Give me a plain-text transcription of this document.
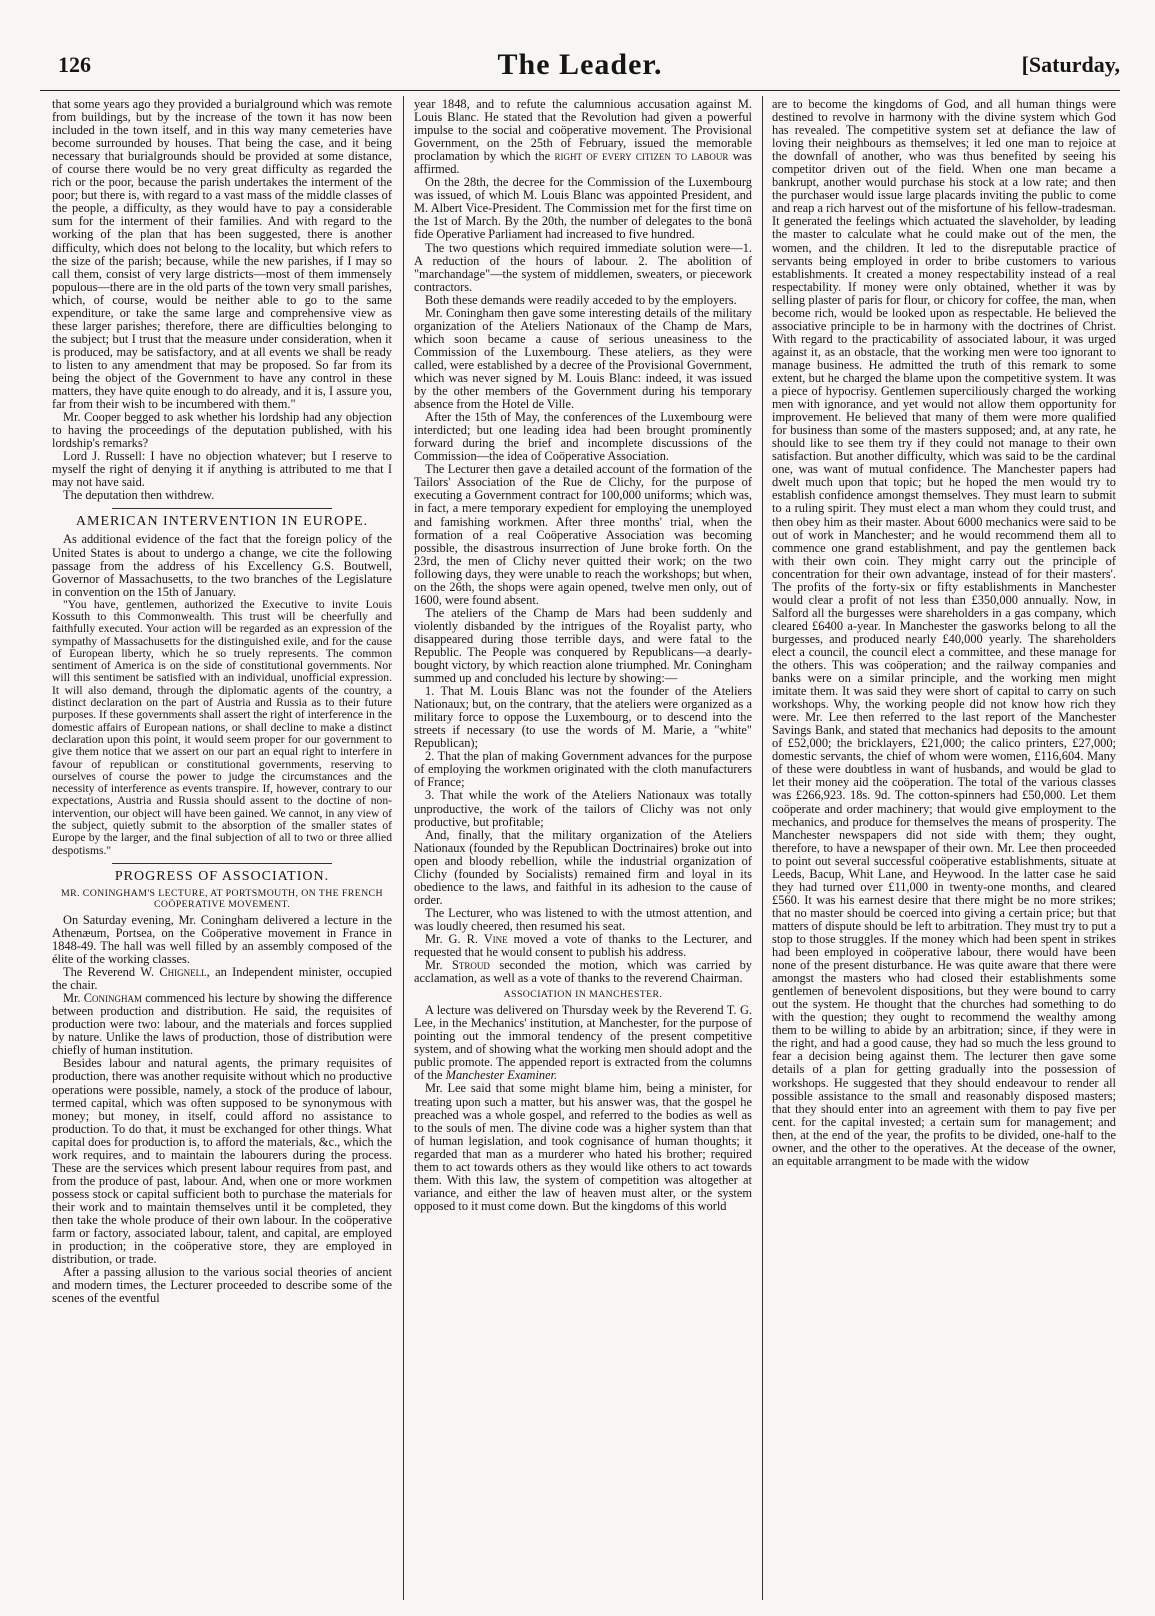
126	The Leader.	[Saturday,

that some years ago they provided a burialground which was remote from buildings, but by the increase of the town it has now been included in the town itself, and in this way many cemeteries have become surrounded by houses. That being the case, and it being necessary that burialgrounds should be provided at some distance, of course there would be no very great difficulty as regarded the rich or the poor, because the parish undertakes the interment of the poor; but there is, with regard to a vast mass of the middle classes of the people, a difficulty, as they would have to pay a considerable sum for the interment of their families. And with regard to the working of the plan that has been suggested, there is another difficulty, which does not belong to the locality, but which refers to the size of the parish; because, while the new parishes, if I may so call them, consist of very large districts—most of them immensely populous—there are in the old parts of the town very small parishes, which, of course, would be neither able to go to the same expenditure, or take the same large and comprehensive view as these larger parishes; therefore, there are difficulties belonging to the subject; but I trust that the measure under consideration, when it is produced, may be satisfactory, and at all events we shall be ready to listen to any amendment that may be proposed. So far from its being the object of the Government to have any control in these matters, they have quite enough to do already, and it is, I assure you, far from their wish to be incumbered with them."

Mr. Cooper begged to ask whether his lordship had any objection to having the proceedings of the deputation published, with his lordship's remarks?

Lord J. Russell: I have no objection whatever; but I reserve to myself the right of denying it if anything is attributed to me that I may not have said.

The deputation then withdrew.

AMERICAN INTERVENTION IN EUROPE.

As additional evidence of the fact that the foreign policy of the United States is about to undergo a change, we cite the following passage from the address of his Excellency G.S. Boutwell, Governor of Massachusetts, to the two branches of the Legislature in convention on the 15th of January.

"You have, gentlemen, authorized the Executive to invite Louis Kossuth to this Commonwealth. This trust will be cheerfully and faithfully executed. Your action will be regarded as an expression of the sympathy of Massachusetts for the distinguished exile, and for the cause of European liberty, which he so truely represents. The common sentiment of America is on the side of constitutional governments. Nor will this sentiment be satisfied with an individual, unofficial expression. It will also demand, through the diplomatic agents of the country, a distinct declaration on the part of Austria and Russia as to their future purposes. If these governments shall assert the right of interference in the domestic affairs of European nations, or shall decline to make a distinct declaration upon this point, it would seem proper for our government to give them notice that we assert on our part an equal right to interfere in favour of republican or constitutional governments, reserving to ourselves of course the power to judge the circumstances and the necessity of interference as events transpire. If, however, contrary to our expectations, Austria and Russia should assent to the doctine of non-intervention, our object will have been gained. We cannot, in any view of the subject, quietly submit to the absorption of the smaller states of Europe by the larger, and the final subjection of all to two or three allied despotisms."

PROGRESS OF ASSOCIATION.
MR. CONINGHAM'S LECTURE, AT PORTSMOUTH, ON THE FRENCH COÖPERATIVE MOVEMENT.

On Saturday evening, Mr. Coningham delivered a lecture in the Athenæum, Portsea, on the Coöperative movement in France in 1848-49. The hall was well filled by an assembly composed of the élite of the working classes.

The Reverend W. Chignell, an Independent minister, occupied the chair.

Mr. Coningham commenced his lecture by showing the difference between production and distribution. He said, the requisites of production were two: labour, and the materials and forces supplied by nature. Unlike the laws of production, those of distribution were chiefly of human institution.

Besides labour and natural agents, the primary requisites of production, there was another requisite without which no productive operations were possible, namely, a stock of the produce of labour, termed capital, which was often supposed to be synonymous with money; but money, in itself, could afford no assistance to production. To do that, it must be exchanged for other things. What capital does for production is, to afford the materials, &c., which the work requires, and to maintain the labourers during the process. These are the services which present labour requires from past, and from the produce of past, labour. And, when one or more workmen possess stock or capital sufficient both to purchase the materials for their work and to maintain themselves until it be completed, they then take the whole produce of their own labour. In the coöperative farm or factory, associated labour, talent, and capital, are employed in production; in the coöperative store, they are employed in distribution, or trade.

After a passing allusion to the various social theories of ancient and modern times, the Lecturer proceeded to describe some of the scenes of the eventful

year 1848, and to refute the calumnious accusation against M. Louis Blanc. He stated that the Revolution had given a powerful impulse to the social and coöperative movement. The Provisional Government, on the 25th of February, issued the memorable proclamation by which the right of every citizen to labour was affirmed.

On the 28th, the decree for the Commission of the Luxembourg was issued, of which M. Louis Blanc was appointed President, and M. Albert Vice-President. The Commission met for the first time on the 1st of March. By the 20th, the number of delegates to the bonâ fide Operative Parliament had increased to five hundred.

The two questions which required immediate solution were—1. A reduction of the hours of labour. 2. The abolition of "marchandage"—the system of middlemen, sweaters, or piecework contractors.

Both these demands were readily acceded to by the employers.

Mr. Coningham then gave some interesting details of the military organization of the Ateliers Nationaux of the Champ de Mars, which soon became a cause of serious uneasiness to the Commission of the Luxembourg. These ateliers, as they were called, were established by a decree of the Provisional Government, which was never signed by M. Louis Blanc: indeed, it was issued by the other members of the Government during his temporary absence from the Hotel de Ville.

After the 15th of May, the conferences of the Luxembourg were interdicted; but one leading idea had been brought prominently forward during the brief and incomplete discussions of the Commission—the idea of Coöperative Association.

The Lecturer then gave a detailed account of the formation of the Tailors' Association of the Rue de Clichy, for the purpose of executing a Government contract for 100,000 uniforms; which was, in fact, a mere temporary expedient for employing the unemployed and famishing workmen. After three months' trial, when the formation of a real Coöperative Association was becoming possible, the disastrous insurrection of June broke forth. On the 23rd, the men of Clichy never quitted their work; on the two following days, they were unable to reach the workshops; but when, on the 26th, the shops were again opened, twelve men only, out of 1600, were found absent.

The ateliers of the Champ de Mars had been suddenly and violently disbanded by the intrigues of the Royalist party, who disappeared during those terrible days, and were fatal to the Republic. The People was conquered by Republicans—a dearly-bought victory, by which reaction alone triumphed. Mr. Coningham summed up and concluded his lecture by showing:—

1. That M. Louis Blanc was not the founder of the Ateliers Nationaux; but, on the contrary, that the ateliers were organized as a military force to oppose the Luxembourg, or to descend into the streets if necessary (to use the words of M. Marie, a "white" Republican);

2. That the plan of making Government advances for the purpose of employing the workmen originated with the cloth manufacturers of France;

3. That while the work of the Ateliers Nationaux was totally unproductive, the work of the tailors of Clichy was not only productive, but profitable;

And, finally, that the military organization of the Ateliers Nationaux (founded by the Republican Doctrinaires) broke out into open and bloody rebellion, while the industrial organization of Clichy (founded by Socialists) remained firm and loyal in its obedience to the laws, and faithful in its adhesion to the cause of order.

The Lecturer, who was listened to with the utmost attention, and was loudly cheered, then resumed his seat.

Mr. G. R. Vine moved a vote of thanks to the Lecturer, and requested that he would consent to publish his address.

Mr. Stroud seconded the motion, which was carried by acclamation, as well as a vote of thanks to the reverend Chairman.

ASSOCIATION IN MANCHESTER.

A lecture was delivered on Thursday week by the Reverend T. G. Lee, in the Mechanics' institution, at Manchester, for the purpose of pointing out the immoral tendency of the present competitive system, and of showing what the working men should adopt and the public promote. The appended report is extracted from the columns of the Manchester Examiner.

Mr. Lee said that some might blame him, being a minister, for treating upon such a matter, but his answer was, that the gospel he preached was a whole gospel, and referred to the bodies as well as to the souls of men. The divine code was a higher system than that of human legislation, and took cognisance of human thoughts; it regarded that man as a murderer who hated his brother; required them to act towards others as they would like others to act towards them. With this law, the system of competition was altogether at variance, and either the law of heaven must alter, or the system opposed to it must come down. But the kingdoms of this world

are to become the kingdoms of God, and all human things were destined to revolve in harmony with the divine system which God has revealed. The competitive system set at defiance the law of loving their neighbours as themselves; it led one man to rejoice at the downfall of another, who was thus benefited by seeing his competitor driven out of the field. When one man became a bankrupt, another would purchase his stock at a low rate; and then the purchaser would issue large placards inviting the public to come and reap a rich harvest out of the misfortune of his fellow-tradesman. It generated the feelings which actuated the slaveholder, by leading the master to calculate what he could make out of the men, the women, and the children. It led to the disreputable practice of servants being employed in order to bribe customers to various establishments. It created a money respectability instead of a real respectability. If money were only obtained, whether it was by selling plaster of paris for flour, or chicory for coffee, the man, when become rich, would be looked upon as respectable. He believed the associative principle to be in harmony with the doctrines of Christ. With regard to the practicability of associated labour, it was urged against it, as an obstacle, that the working men were too ignorant to manage business. He admitted the truth of this remark to some extent, but he charged the blame upon the competitive system. It was a piece of hypocrisy. Gentlemen superciliously charged the working men with ignorance, and yet would not allow them opportunity for improvement. He believed that many of them were more qualified for business than some of the masters supposed; and, at any rate, he should like to see them try if they could not manage to their own satisfaction. But another difficulty, which was said to be the cardinal one, was want of mutual confidence. The Manchester papers had dwelt much upon that topic; but he hoped the men would try to establish confidence amongst themselves. They must learn to submit to a ruling spirit. They must elect a man whom they could trust, and then obey him as their master. About 6000 mechanics were said to be out of work in Manchester; and he would recommend them all to commence one grand establishment, and pay the gentlemen back with their own coin. They might carry out the principle of concentration for their own advantage, instead of for their masters'. The profits of the forty-six or fifty establishments in Manchester would clear a profit of not less than £350,000 annually. Now, in Salford all the burgesses were shareholders in a gas company, which cleared £6400 a-year. In Manchester the gasworks belong to all the burgesses, and produced nearly £40,000 yearly. The shareholders elect a council, the council elect a committee, and these manage for the others. This was coöperation; and the railway companies and banks were on a similar principle, and the working men might imitate them. It was said they were short of capital to carry on such workshops. Why, the working people did not know how rich they were. Mr. Lee then referred to the last report of the Manchester Savings Bank, and stated that mechanics had deposits to the amount of £52,000; the bricklayers, £21,000; the calico printers, £27,000; domestic servants, the chief of whom were women, £116,604. Many of these were doubtless in want of husbands, and would be glad to let their money aid the coöperation. The total of the various classes was £266,923. 18s. 9d. The cotton-spinners had £50,000. Let them coöperate and order machinery; that would give employment to the mechanics, and produce for themselves the means of prosperity. The Manchester newspapers did not side with them; they ought, therefore, to have a newspaper of their own. Mr. Lee then proceeded to point out several successful coöperative establishments, situate at Leeds, Bacup, Whit Lane, and Heywood. In the latter case he said they had turned over £11,000 in twenty-one months, and cleared £560. It was his earnest desire that there might be no more strikes; that no master should be coerced into giving a certain price; but that matters of dispute should be left to arbitration. They must try to put a stop to those struggles. If the money which had been spent in strikes had been employed in coöperative labour, there would have been none of the present disturbance. He was quite aware that there were amongst the masters who had closed their establishments some gentlemen of benevolent dispositions, but they were bound to carry out the system. He thought that the churches had something to do with the question; they ought to recommend the wealthy among them to be willing to abide by an arbitration; since, if they were in the right, and had a good cause, they had so much the less ground to fear a decision being against them. The lecturer then gave some details of a plan for getting gradually into the possession of workshops. He suggested that they should endeavour to render all possible assistance to the small and reasonably disposed masters; that they should enter into an agreement with them to pay five per cent. for the capital invested; a certain sum for management; and then, at the end of the year, the profits to be divided, one-half to the owner, and the other to the operatives. At the decease of the owner, an equitable arrangment to be made with the widow
